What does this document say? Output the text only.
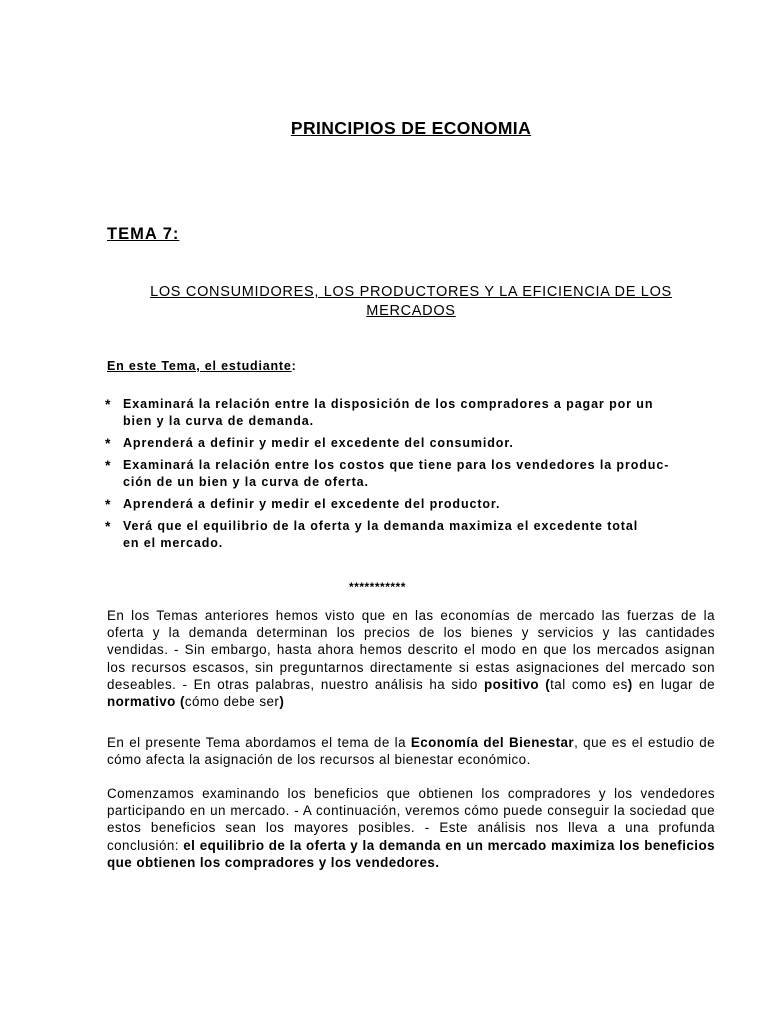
PRINCIPIOS DE ECONOMIA
TEMA 7:
LOS CONSUMIDORES, LOS PRODUCTORES Y LA EFICIENCIA DE LOS MERCADOS
En este Tema, el estudiante:
* Examinará la relación entre la disposición de los compradores a pagar por un
bien y la curva de demanda.
* Aprenderá a definir y medir el excedente del consumidor.
* Examinará la relación entre los costos que tiene para los vendedores la produc-
ción de un bien y la curva de oferta.
* Aprenderá a definir y medir el excedente del productor.
* Verá que el equilibrio de la oferta y la demanda maximiza el excedente total
en el mercado.
***********

En los Temas anteriores hemos visto que en las economías de mercado las fuerzas de la oferta y la demanda determinan los precios de los bienes y servicios y las cantidades vendidas. - Sin embargo, hasta ahora hemos descrito el modo en que los mercados asignan los recursos escasos, sin preguntarnos directamente si estas asignaciones del mercado son deseables. - En otras palabras, nuestro análisis ha sido positivo (tal como es) en lugar de normativo (cómo debe ser)

En el presente Tema abordamos el tema de la Economía del Bienestar, que es el estudio de cómo afecta la asignación de los recursos al bienestar económico.

Comenzamos examinando los beneficios que obtienen los compradores y los vendedores participando en un mercado. - A continuación, veremos cómo puede conseguir la sociedad que estos beneficios sean los mayores posibles. - Este análisis nos lleva a una profunda conclusión: el equilibrio de la oferta y la demanda en un mercado maximiza los beneficios que obtienen los compradores y los vendedores.
